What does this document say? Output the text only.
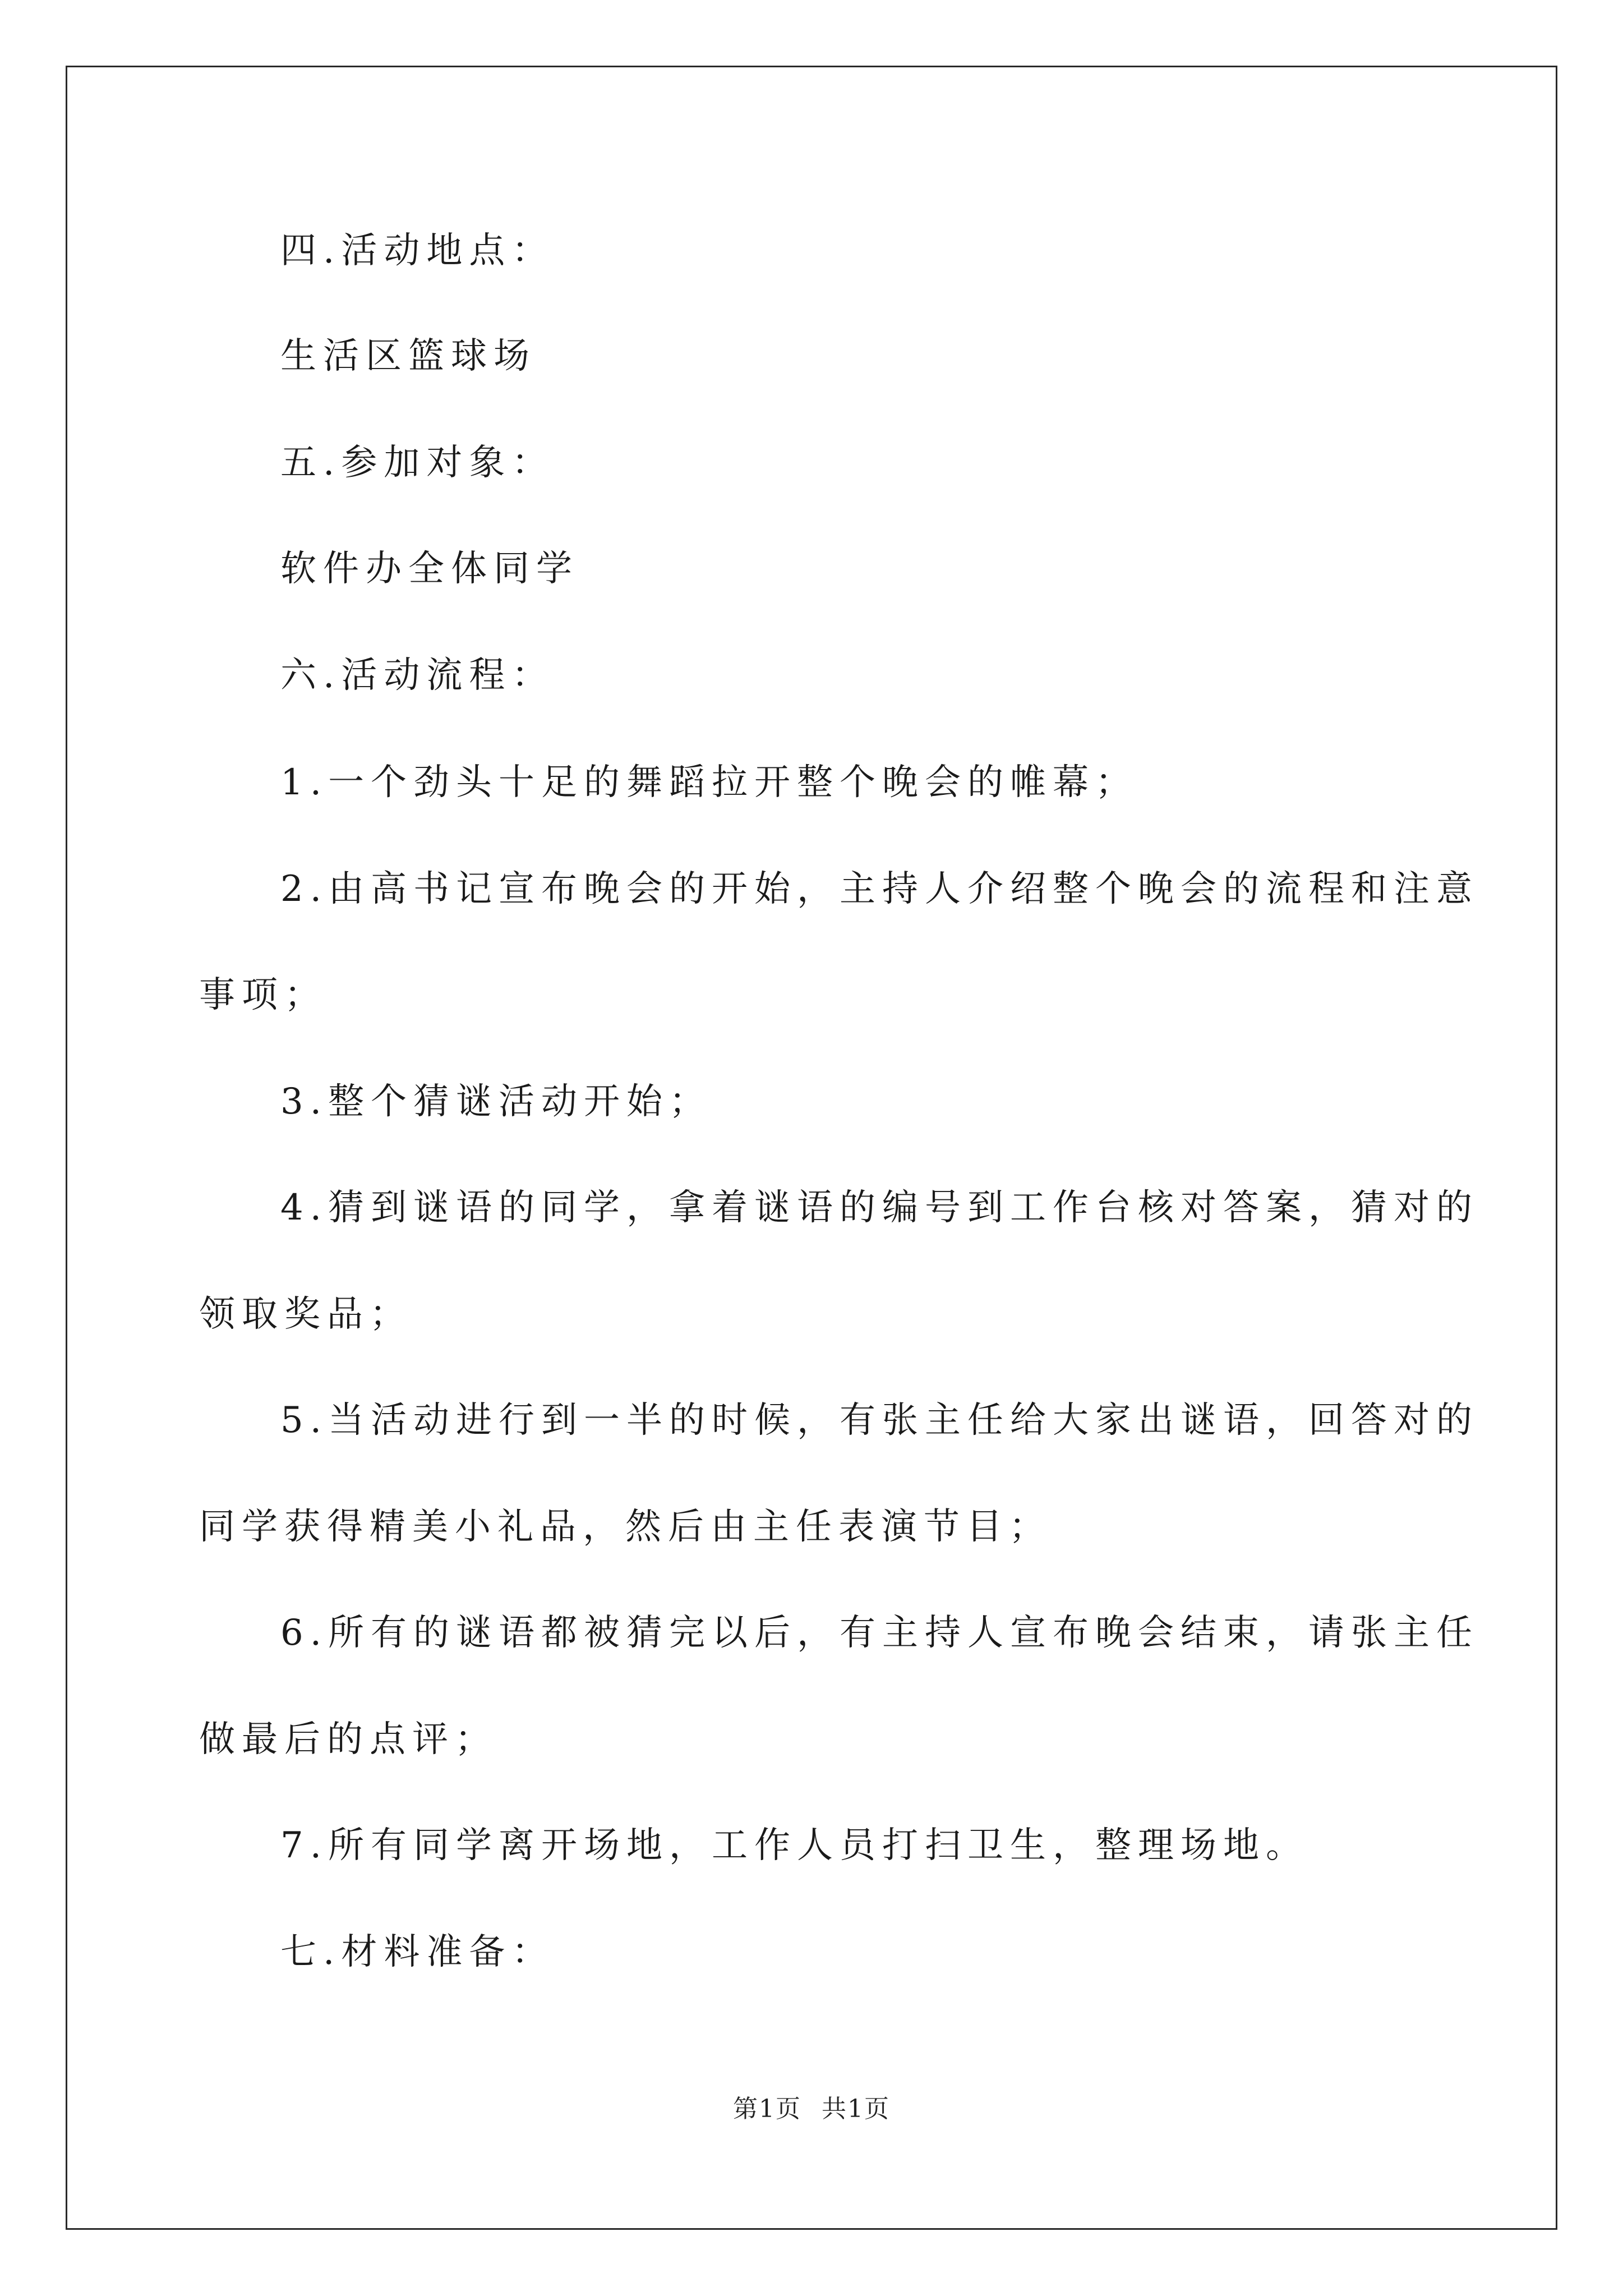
四.活动地点：
生活区篮球场
五.参加对象：
软件办全体同学
六.活动流程：
1.一个劲头十足的舞蹈拉开整个晚会的帷幕；
2.由高书记宣布晚会的开始，主持人介绍整个晚会的流程和注意
事项；
3.整个猜谜活动开始；
4.猜到谜语的同学，拿着谜语的编号到工作台核对答案，猜对的
领取奖品；
5.当活动进行到一半的时候，有张主任给大家出谜语，回答对的
同学获得精美小礼品，然后由主任表演节目；
6.所有的谜语都被猜完以后，有主持人宣布晚会结束，请张主任
做最后的点评；
7.所有同学离开场地，工作人员打扫卫生，整理场地。
七.材料准备：
第1页 共1页
